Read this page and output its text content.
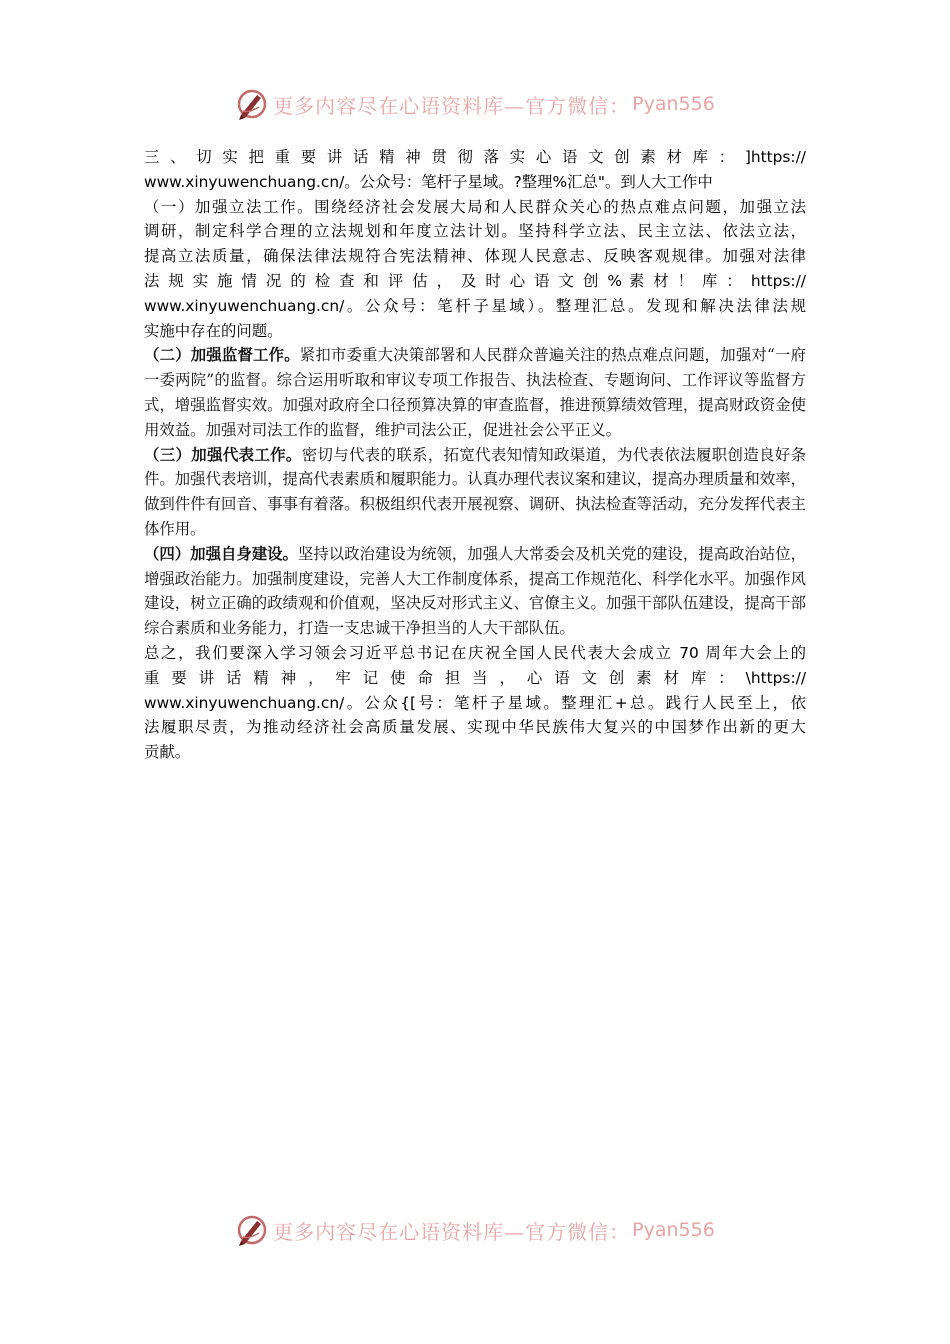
更多内容尽在心语资料库—官方微信： Pyan556

三 、 切 实 把 重 要 讲 话 精 神 贯 彻 落 实 心 语 文 创 素 材 库 ： ]https://
www.xinyuwenchuang.cn/。公众号：笔杆子星域。?整理%汇总"。到人大工作中

（一）加强立法工作。围绕经济社会发展大局和人民群众关心的热点难点问题，加强立法
调研，制定科学合理的立法规划和年度立法计划。坚持科学立法、民主立法、依法立法，
提高立法质量，确保法律法规符合宪法精神、体现人民意志、反映客观规律。加强对法律
法 规 实 施 情 况 的 检 查 和 评 估 ， 及 时 心 语 文 创 % 素 材 ！ 库 ： https://
www.xinyuwenchuang.cn/。公众号：笔杆子星域）。整理汇总。发现和解决法律法规
实施中存在的问题。

（二）加强监督工作。紧扣市委重大决策部署和人民群众普遍关注的热点难点问题，加强对“一府一委两院”的监督。综合运用听取和审议专项工作报告、执法检查、专题询问、工作评议等监督方式，增强监督实效。加强对政府全口径预算决算的审查监督，推进预算绩效管理，提高财政资金使用效益。加强对司法工作的监督，维护司法公正，促进社会公平正义。

（三）加强代表工作。密切与代表的联系，拓宽代表知情知政渠道，为代表依法履职创造良好条件。加强代表培训，提高代表素质和履职能力。认真办理代表议案和建议，提高办理质量和效率，做到件件有回音、事事有着落。积极组织代表开展视察、调研、执法检查等活动，充分发挥代表主体作用。

（四）加强自身建设。坚持以政治建设为统领，加强人大常委会及机关党的建设，提高政治站位，增强政治能力。加强制度建设，完善人大工作制度体系，提高工作规范化、科学化水平。加强作风建设，树立正确的政绩观和价值观，坚决反对形式主义、官僚主义。加强干部队伍建设，提高干部综合素质和业务能力，打造一支忠诚干净担当的人大干部队伍。

总之，我们要深入学习领会习近平总书记在庆祝全国人民代表大会成立 70 周年大会上的
重 要 讲 话 精 神 ， 牢 记 使 命 担 当 ， 心 语 文 创 素 材 库 ： \https://
www.xinyuwenchuang.cn/。公众{[号：笔杆子星域。整理汇+总。践行人民至上，依
法履职尽责，为推动经济社会高质量发展、实现中华民族伟大复兴的中国梦作出新的更大
贡献。

更多内容尽在心语资料库—官方微信： Pyan556
